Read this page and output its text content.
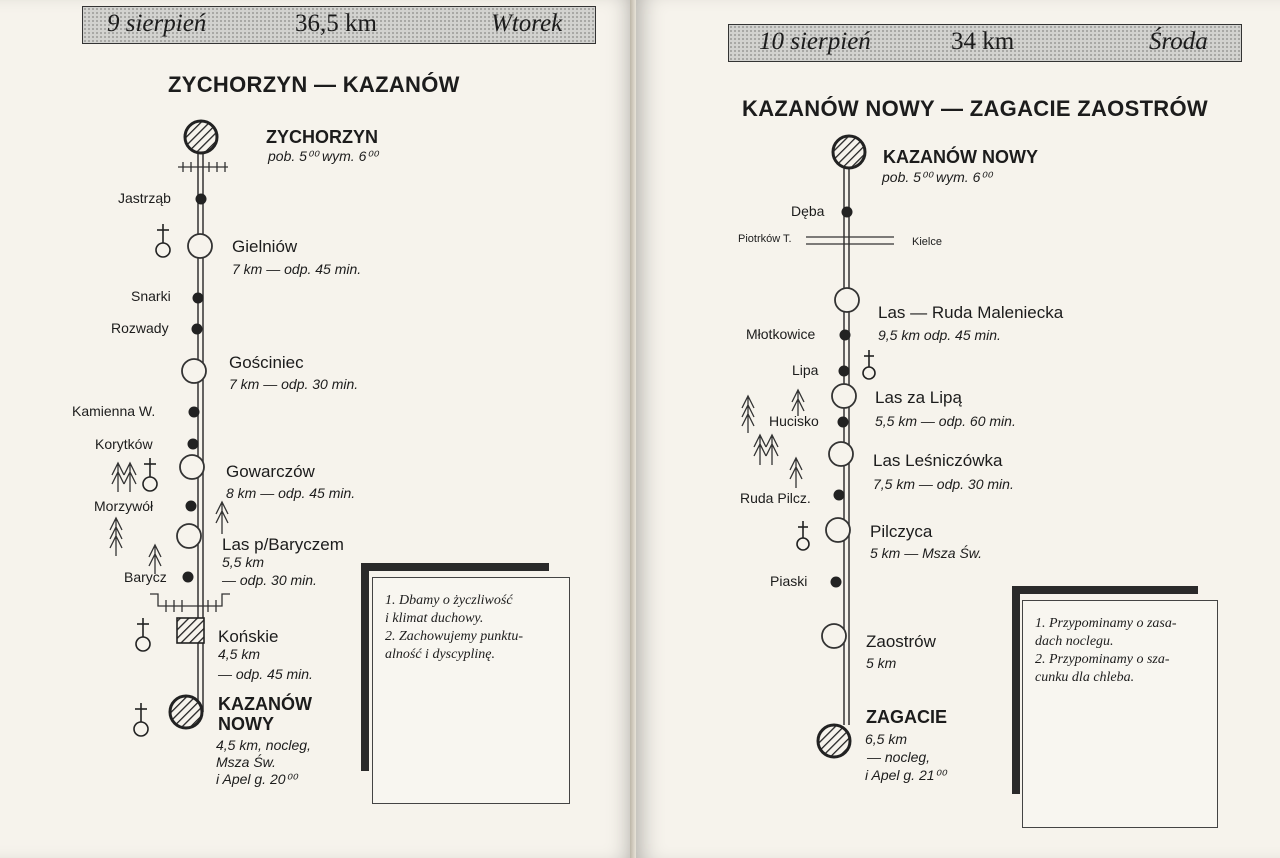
9 sierpień	36,5 km	Wtorek
ZYCHORZYN — KAZANÓW
ZYCHORZYN
pob. 5⁰⁰ wym. 6⁰⁰
Jastrząb
Snarki
Rozwady
Kamienna W.
Korytków
Morzywół
Barycz
Gielniów
7 km — odp. 45 min.
Gościniec
7 km — odp. 30 min.
Gowarczów
8 km — odp. 45 min.
Las p/Baryczem
5,5 km
— odp. 30 min.
Końskie
4,5 km
— odp. 45 min.
KAZANÓW
NOWY
4,5 km, nocleg,
Msza Św.
i Apel g. 20⁰⁰
1. Dbamy o życzliwość
i klimat duchowy.
2. Zachowujemy punktu-
alność i dyscyplinę.
10 sierpień	34 km	Środa
KAZANÓW NOWY — ZAGACIE ZAOSTRÓW
KAZANÓW NOWY
pob. 5⁰⁰ wym. 6⁰⁰
Dęba
Piotrków T.	Kielce
Młotkowice
Lipa
Hucisko
Ruda Pilcz.
Piaski
Las — Ruda Maleniecka
9,5 km odp. 45 min.
Las za Lipą
5,5 km — odp. 60 min.
Las Leśniczówka
7,5 km — odp. 30 min.
Pilczyca
5 km — Msza Św.
Zaostrów
5 km
ZAGACIE
6,5 km
— nocleg,
i Apel g. 21⁰⁰
1. Przypominamy o zasa-
dach noclegu.
2. Przypominamy o sza-
cunku dla chleba.
